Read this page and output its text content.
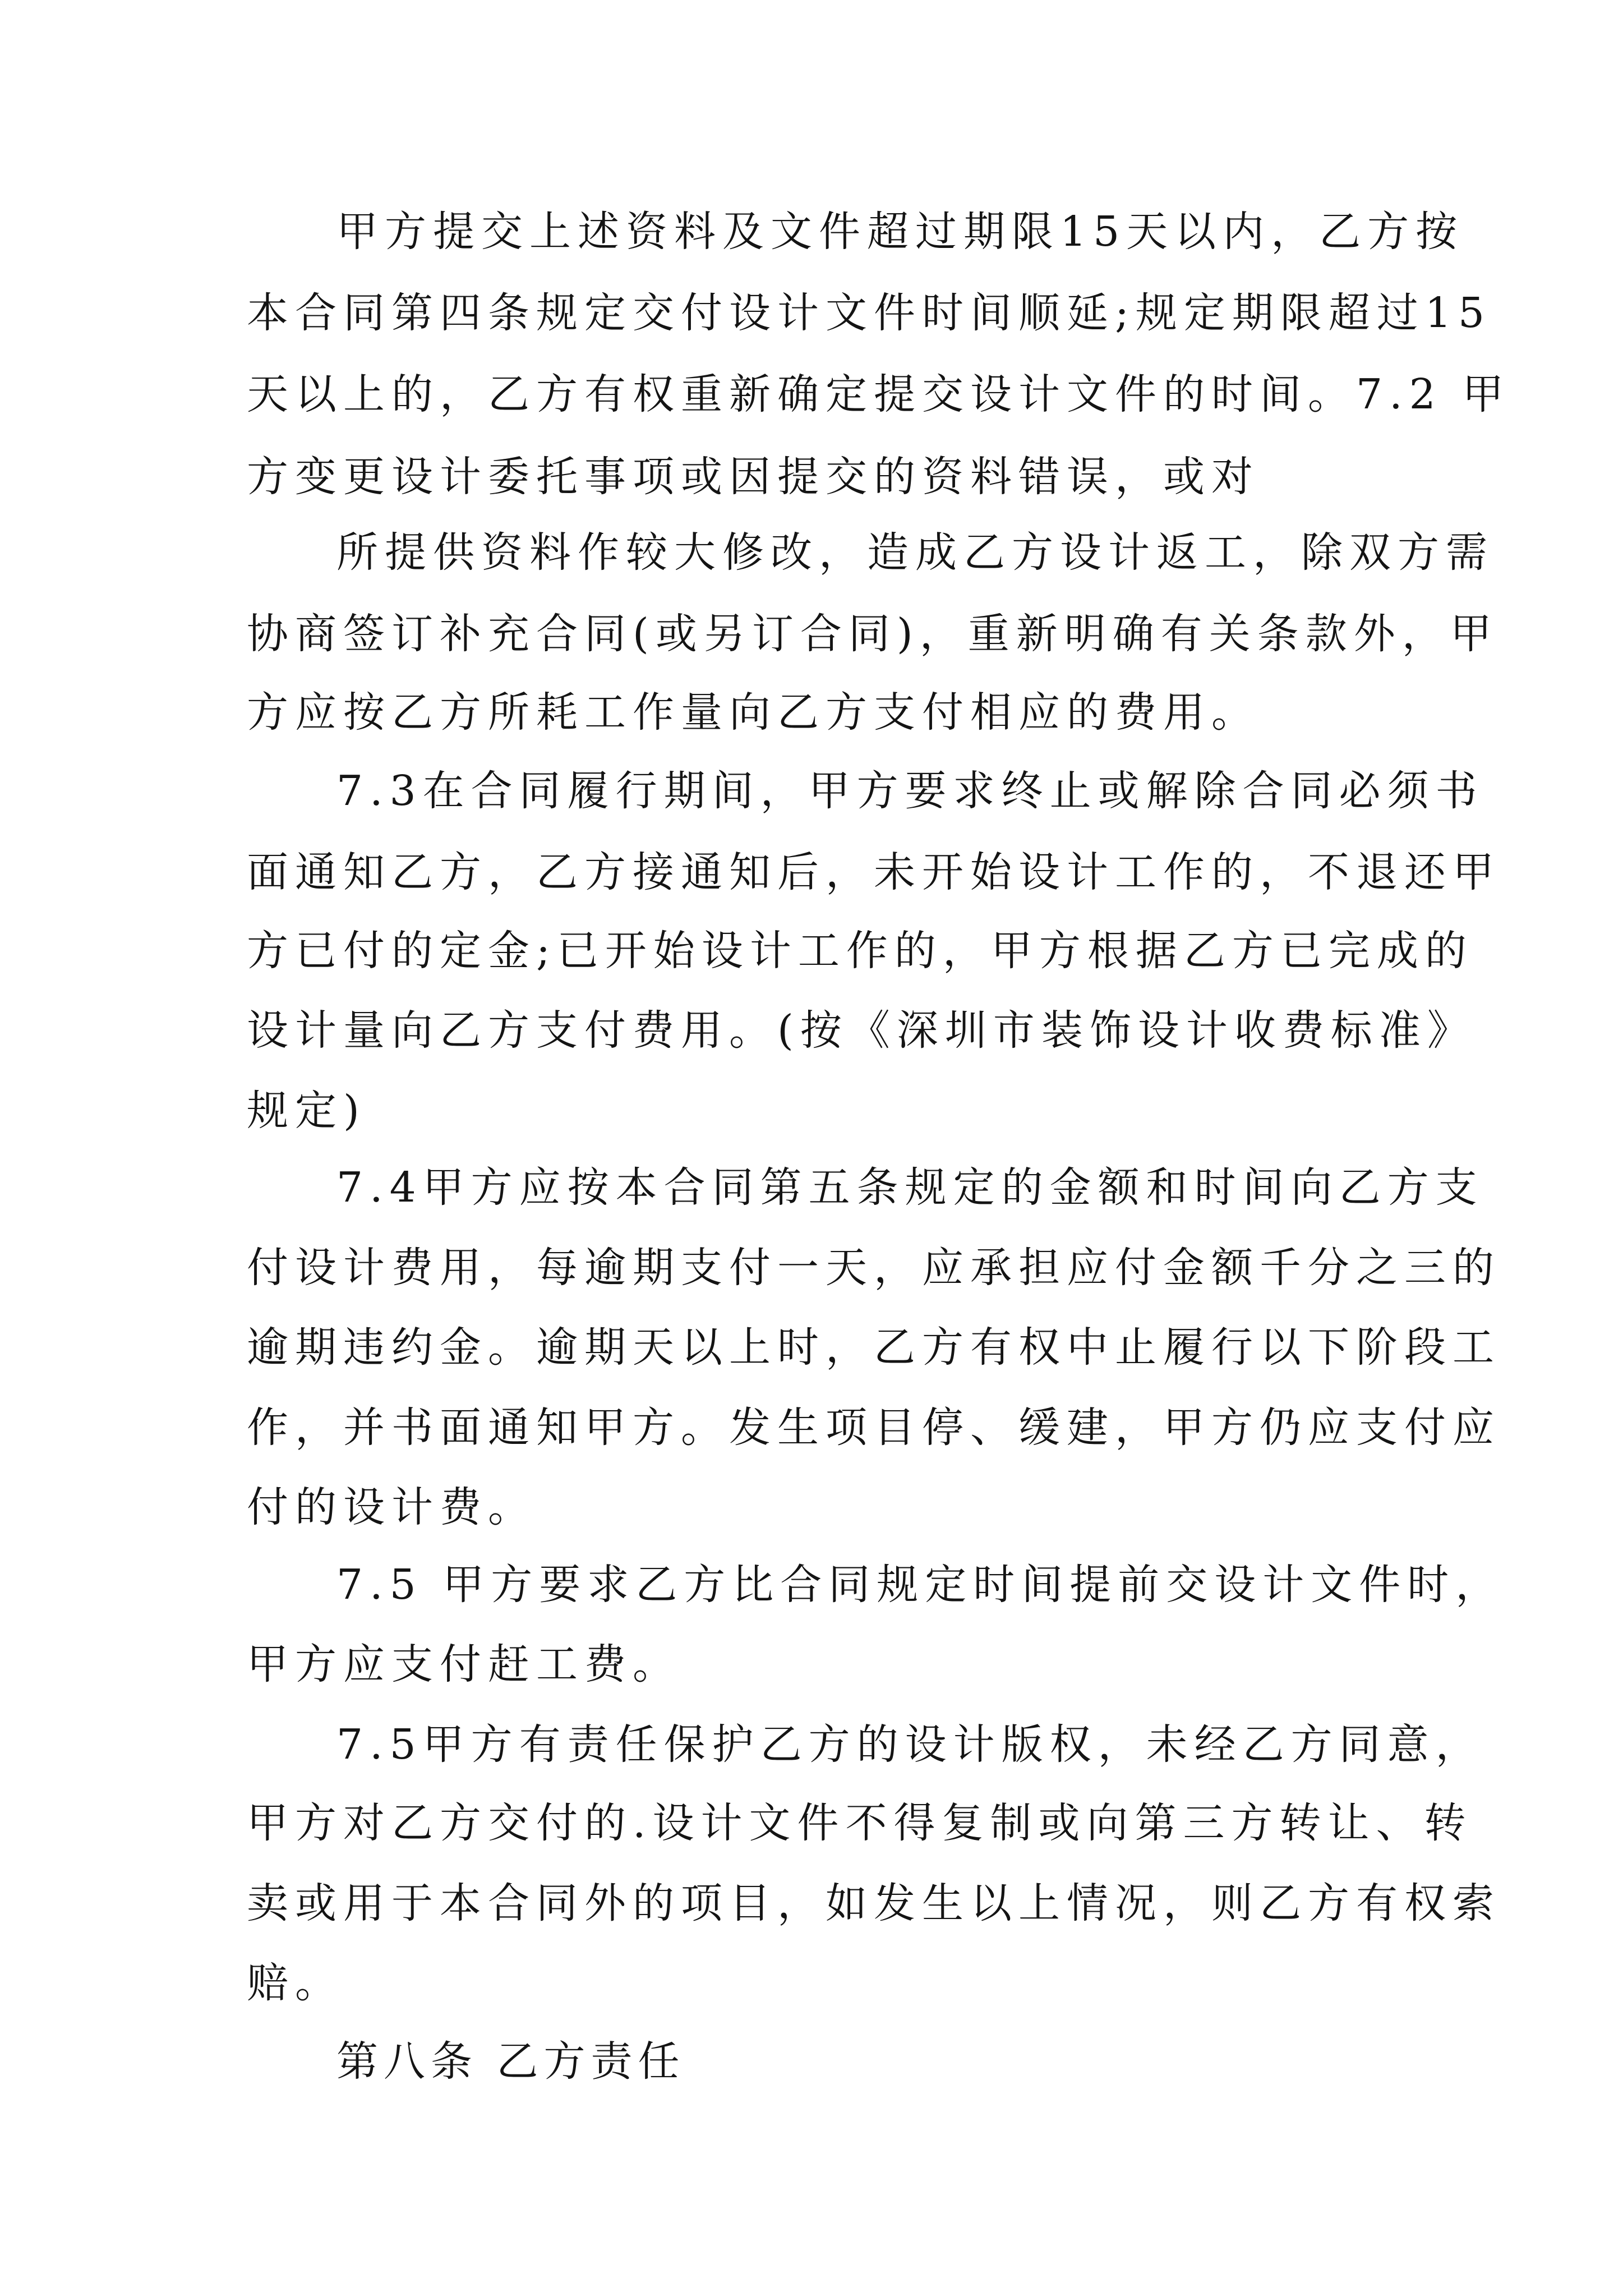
甲方提交上述资料及文件超过期限15天以内，乙方按

本合同第四条规定交付设计文件时间顺延;规定期限超过15

天以上的，乙方有权重新确定提交设计文件的时间。7.2 甲

方变更设计委托事项或因提交的资料错误，或对

所提供资料作较大修改，造成乙方设计返工，除双方需

协商签订补充合同(或另订合同)，重新明确有关条款外，甲

方应按乙方所耗工作量向乙方支付相应的费用。

7.3在合同履行期间，甲方要求终止或解除合同必须书

面通知乙方，乙方接通知后，未开始设计工作的，不退还甲

方已付的定金;已开始设计工作的，甲方根据乙方已完成的

设计量向乙方支付费用。(按《深圳市装饰设计收费标准》

规定)

7.4甲方应按本合同第五条规定的金额和时间向乙方支

付设计费用，每逾期支付一天，应承担应付金额千分之三的

逾期违约金。逾期天以上时，乙方有权中止履行以下阶段工

作，并书面通知甲方。发生项目停、缓建，甲方仍应支付应

付的设计费。

7.5 甲方要求乙方比合同规定时间提前交设计文件时，

甲方应支付赶工费。

7.5甲方有责任保护乙方的设计版权，未经乙方同意，

甲方对乙方交付的.设计文件不得复制或向第三方转让、转

卖或用于本合同外的项目，如发生以上情况，则乙方有权索

赔。

第八条 乙方责任
